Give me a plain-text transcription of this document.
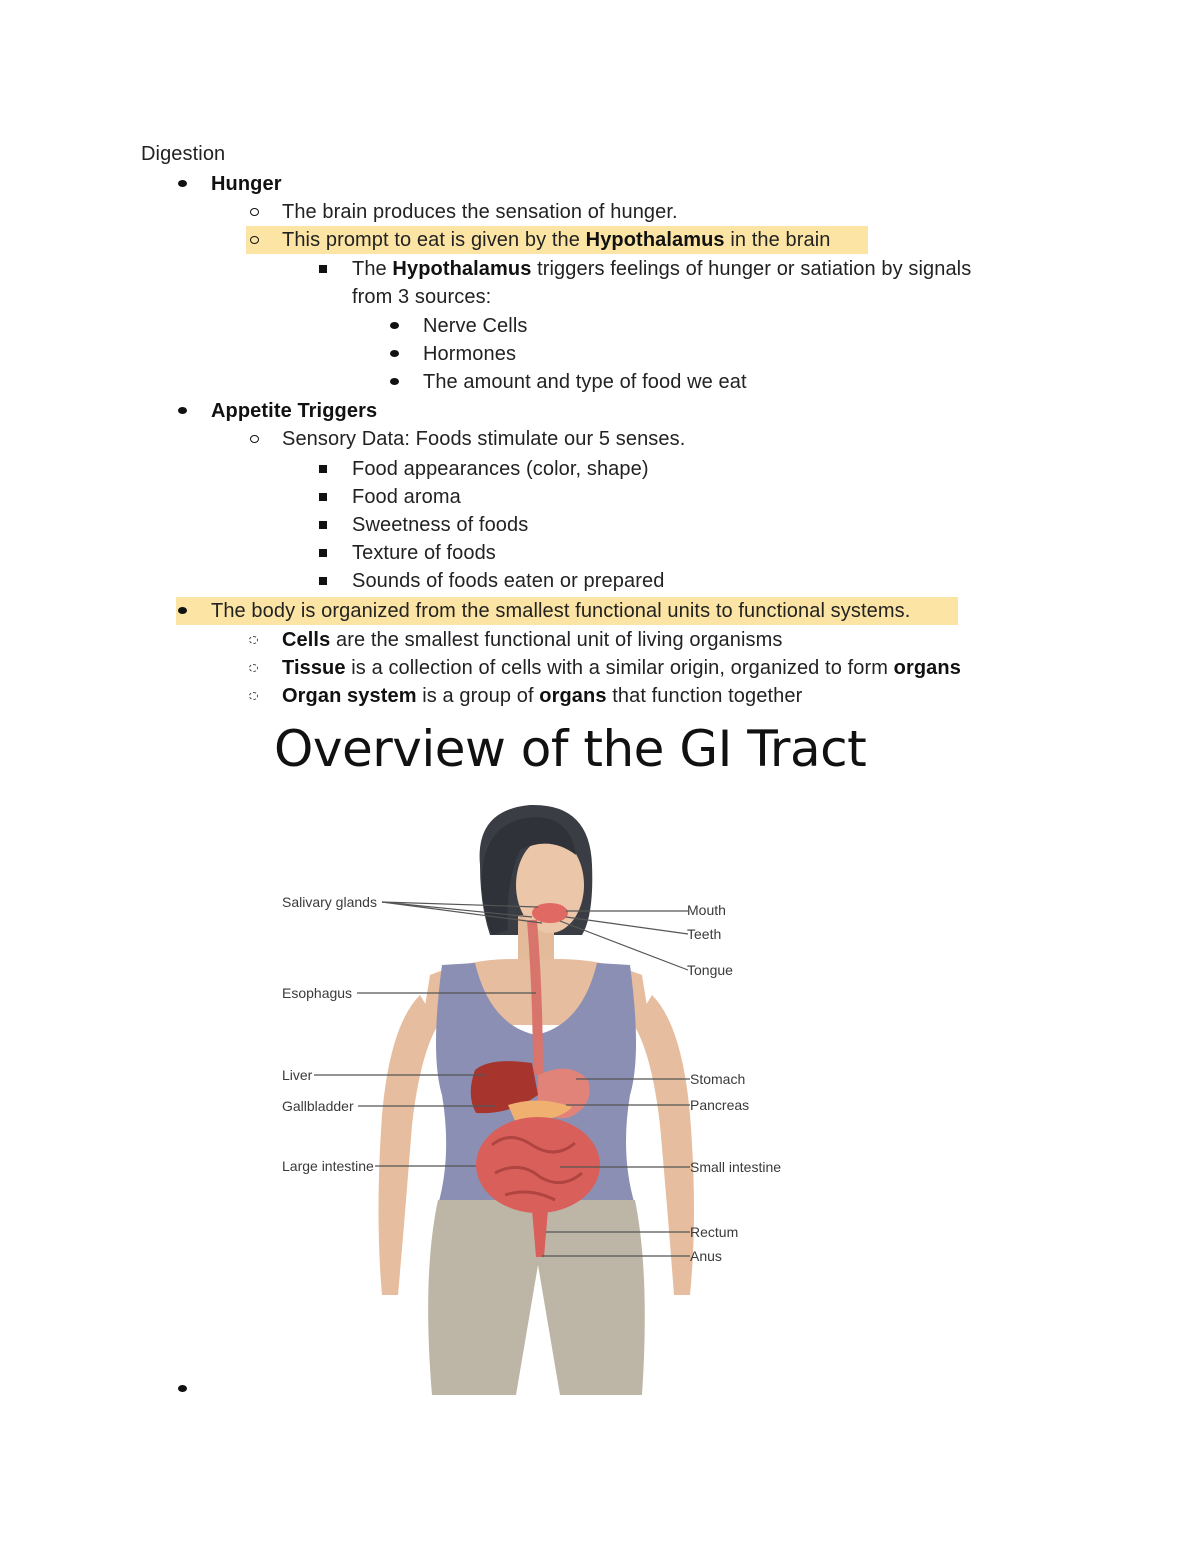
Digestion
Hunger
The brain produces the sensation of hunger.
This prompt to eat is given by the Hypothalamus in the brain
The Hypothalamus triggers feelings of hunger or satiation by signals
from 3 sources:
Nerve Cells
Hormones
The amount and type of food we eat
Appetite Triggers
Sensory Data: Foods stimulate our 5 senses.
Food appearances (color, shape)
Food aroma
Sweetness of foods
Texture of foods
Sounds of foods eaten or prepared
The body is organized from the smallest functional units to functional systems.
Cells are the smallest functional unit of living organisms
Tissue is a collection of cells with a similar origin, organized to form organs
Organ system is a group of organs that function together
Overview of the GI Tract
Salivary glands
Esophagus
Liver
Gallbladder
Large intestine
Mouth
Teeth
Tongue
Stomach
Pancreas
Small intestine
Rectum
Anus
